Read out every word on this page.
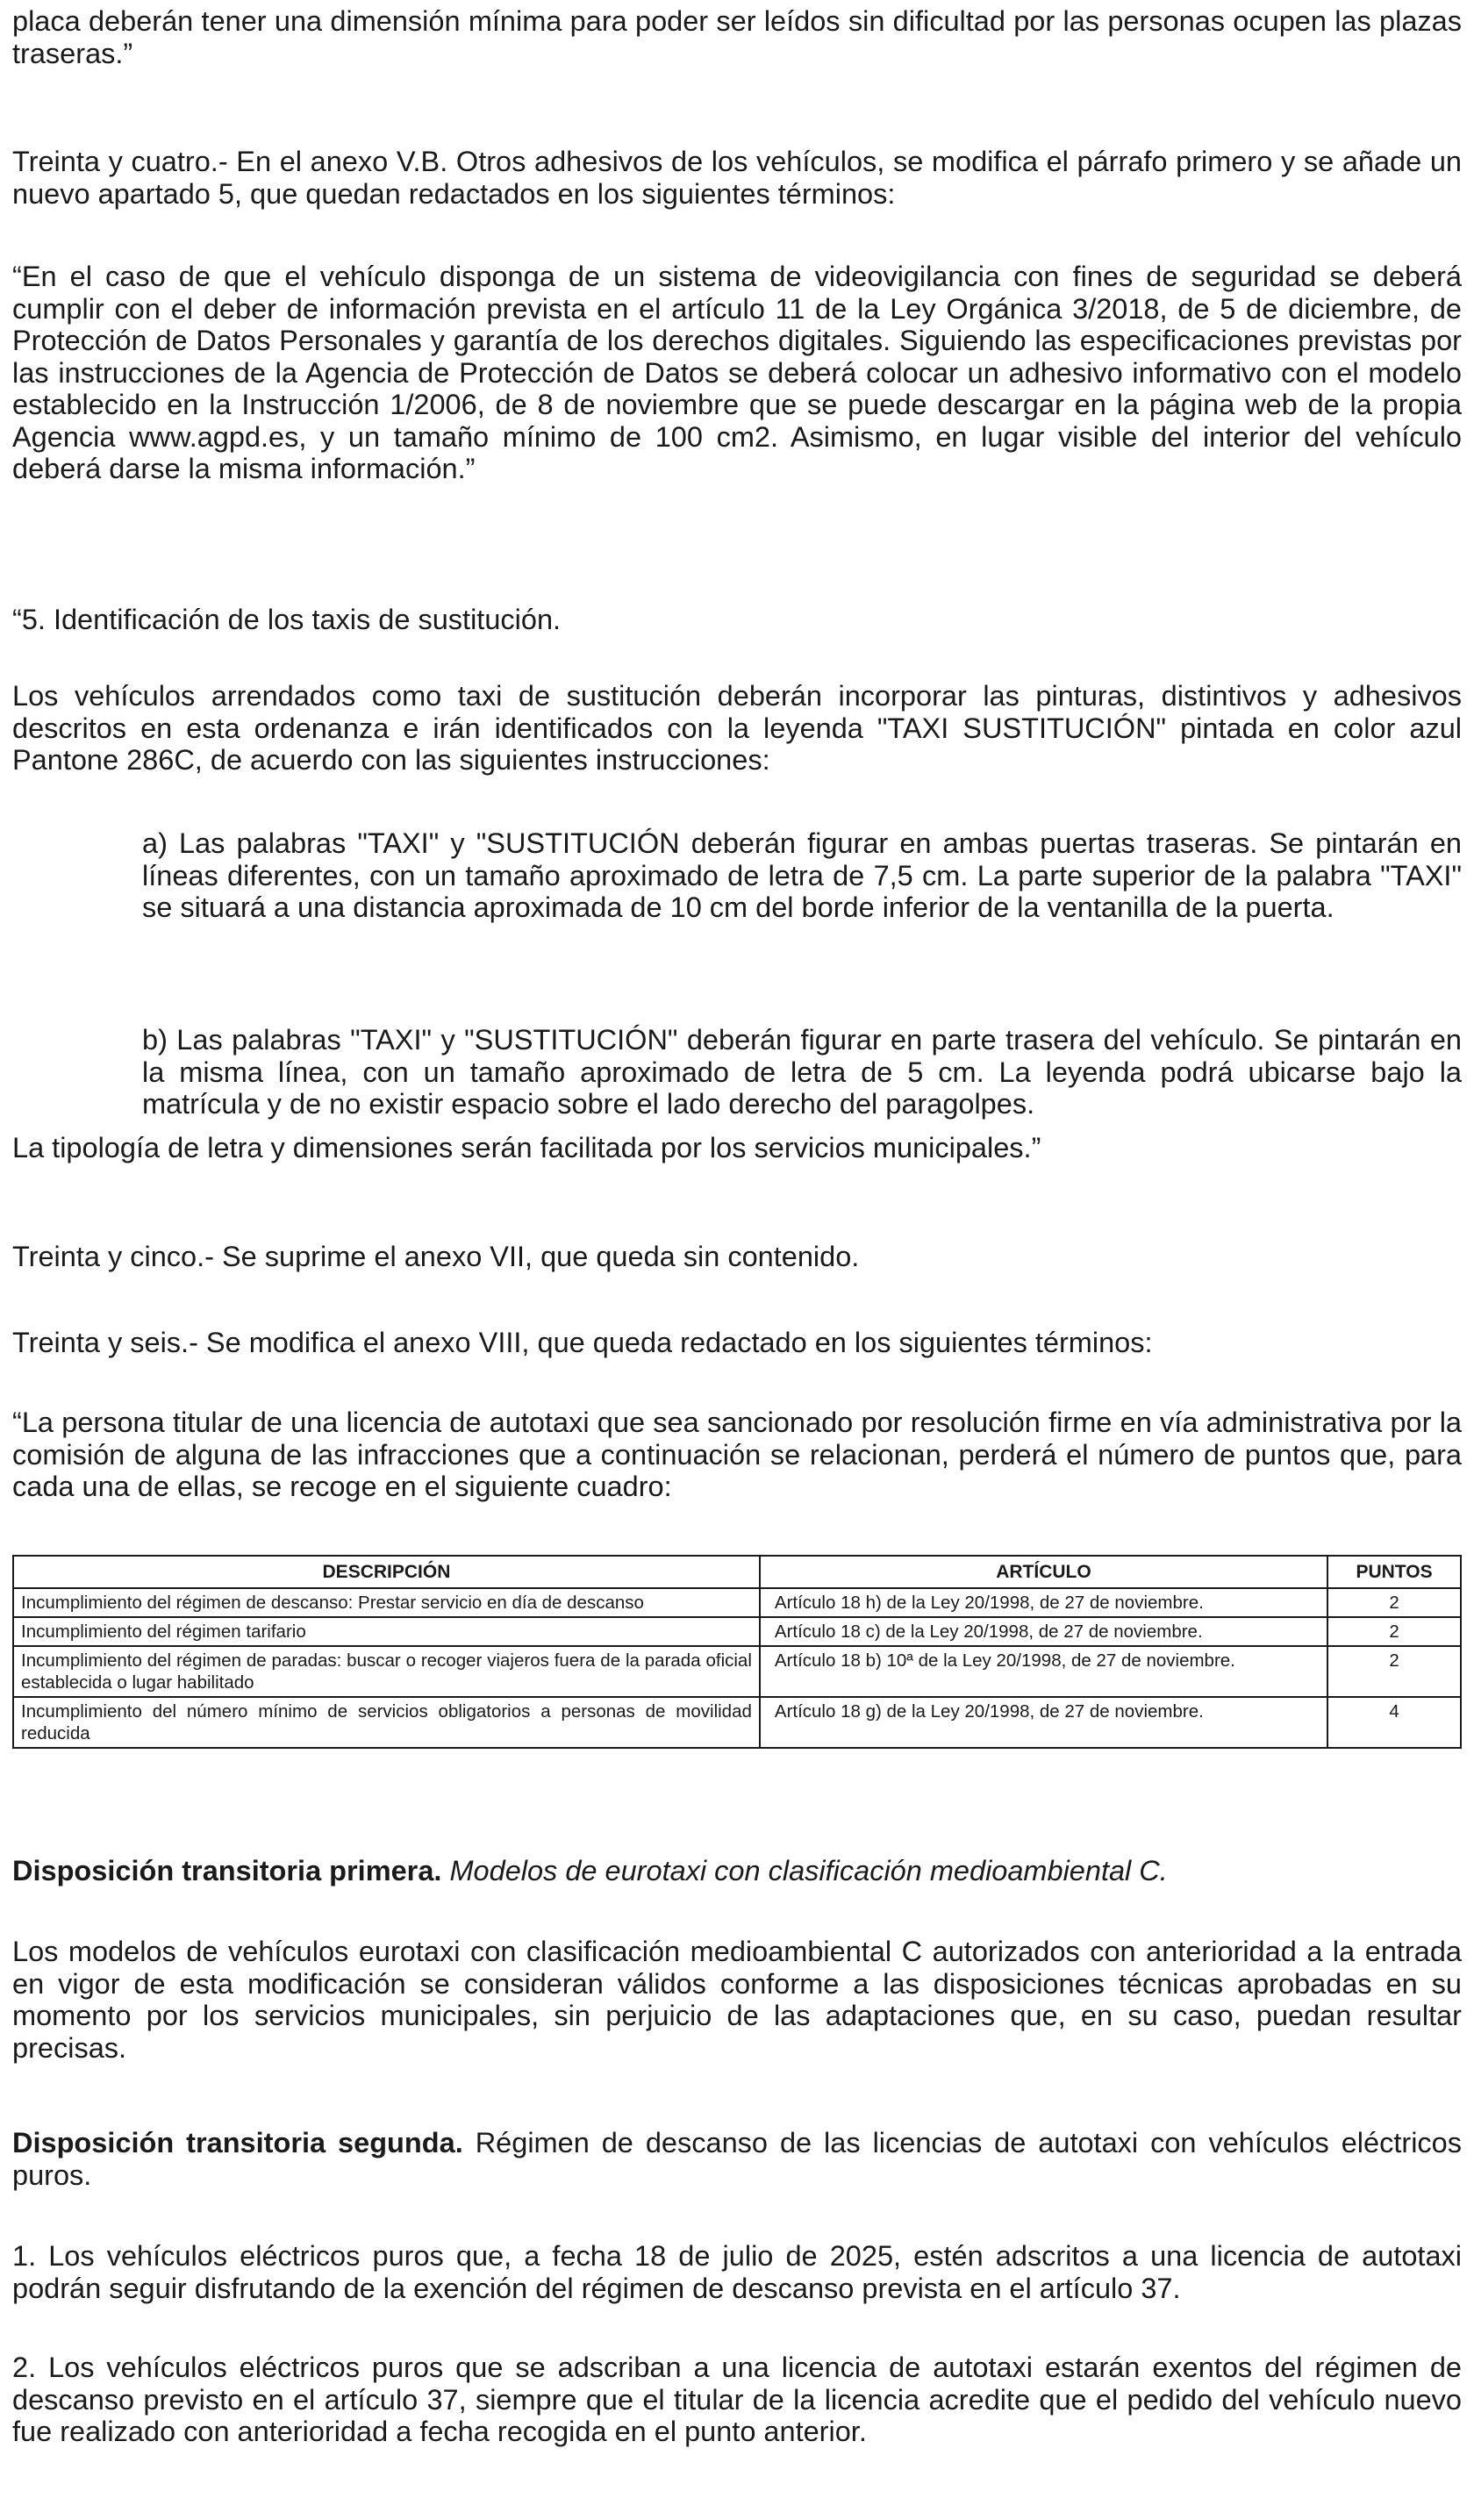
placa deberán tener una dimensión mínima para poder ser leídos sin dificultad por las personas ocupen las plazas traseras.”

Treinta y cuatro.- En el anexo V.B. Otros adhesivos de los vehículos, se modifica el párrafo primero y se añade un nuevo apartado 5, que quedan redactados en los siguientes términos:

“En el caso de que el vehículo disponga de un sistema de videovigilancia con fines de seguridad se deberá cumplir con el deber de información prevista en el artículo 11 de la Ley Orgánica 3/2018, de 5 de diciembre, de Protección de Datos Personales y garantía de los derechos digitales. Siguiendo las especificaciones previstas por las instrucciones de la Agencia de Protección de Datos se deberá colocar un adhesivo informativo con el modelo establecido en la Instrucción 1/2006, de 8 de noviembre que se puede descargar en la página web de la propia Agencia www.agpd.es, y un tamaño mínimo de 100 cm2. Asimismo, en lugar visible del interior del vehículo deberá darse la misma información.”

“5. Identificación de los taxis de sustitución.

Los vehículos arrendados como taxi de sustitución deberán incorporar las pinturas, distintivos y adhesivos descritos en esta ordenanza e irán identificados con la leyenda "TAXI SUSTITUCIÓN" pintada en color azul Pantone 286C, de acuerdo con las siguientes instrucciones:

a) Las palabras "TAXI" y "SUSTITUCIÓN deberán figurar en ambas puertas traseras. Se pintarán en líneas diferentes, con un tamaño aproximado de letra de 7,5 cm. La parte superior de la palabra "TAXI" se situará a una distancia aproximada de 10 cm del borde inferior de la ventanilla de la puerta.

b) Las palabras "TAXI" y "SUSTITUCIÓN" deberán figurar en parte trasera del vehículo. Se pintarán en la misma línea, con un tamaño aproximado de letra de 5 cm. La leyenda podrá ubicarse bajo la matrícula y de no existir espacio sobre el lado derecho del paragolpes.

La tipología de letra y dimensiones serán facilitada por los servicios municipales.”

Treinta y cinco.- Se suprime el anexo VII, que queda sin contenido.

Treinta y seis.- Se modifica el anexo VIII, que queda redactado en los siguientes términos:

“La persona titular de una licencia de autotaxi que sea sancionado por resolución firme en vía administrativa por la comisión de alguna de las infracciones que a continuación se relacionan, perderá el número de puntos que, para cada una de ellas, se recoge en el siguiente cuadro:

DESCRIPCIÓN	ARTÍCULO	PUNTOS
Incumplimiento del régimen de descanso: Prestar servicio en día de descanso	Artículo 18 h) de la Ley 20/1998, de 27 de noviembre.	2
Incumplimiento del régimen tarifario	Artículo 18 c) de la Ley 20/1998, de 27 de noviembre.	2
Incumplimiento del régimen de paradas: buscar o recoger viajeros fuera de la parada oficial establecida o lugar habilitado	Artículo 18 b) 10ª de la Ley 20/1998, de 27 de noviembre.	2
Incumplimiento del número mínimo de servicios obligatorios a personas de movilidad reducida	Artículo 18 g) de la Ley 20/1998, de 27 de noviembre.	4

Disposición transitoria primera. Modelos de eurotaxi con clasificación medioambiental C.

Los modelos de vehículos eurotaxi con clasificación medioambiental C autorizados con anterioridad a la entrada en vigor de esta modificación se consideran válidos conforme a las disposiciones técnicas aprobadas en su momento por los servicios municipales, sin perjuicio de las adaptaciones que, en su caso, puedan resultar precisas.

Disposición transitoria segunda. Régimen de descanso de las licencias de autotaxi con vehículos eléctricos puros.

1. Los vehículos eléctricos puros que, a fecha 18 de julio de 2025, estén adscritos a una licencia de autotaxi podrán seguir disfrutando de la exención del régimen de descanso prevista en el artículo 37.

2. Los vehículos eléctricos puros que se adscriban a una licencia de autotaxi estarán exentos del régimen de descanso previsto en el artículo 37, siempre que el titular de la licencia acredite que el pedido del vehículo nuevo fue realizado con anterioridad a fecha recogida en el punto anterior.
